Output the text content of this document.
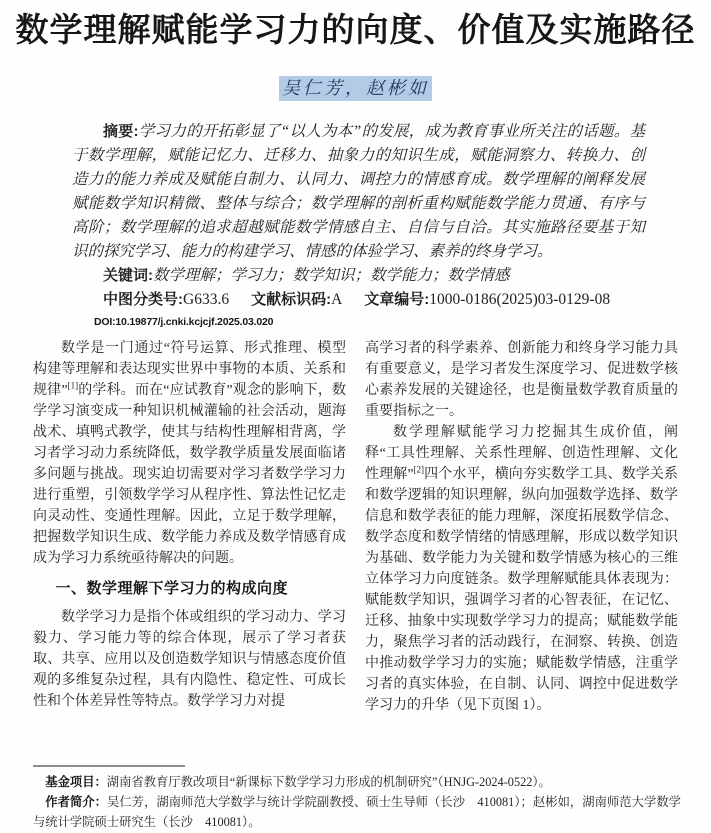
数学理解赋能学习力的向度、价值及实施路径
吴仁芳，赵彬如

摘要:学习力的开拓彰显了“以人为本”的发展，成为教育事业所关注的话题。基于数学理解，赋能记忆力、迁移力、抽象力的知识生成，赋能洞察力、转换力、创造力的能力养成及赋能自制力、认同力、调控力的情感育成。数学理解的阐释发展赋能数学知识精微、整体与综合；数学理解的剖析重构赋能数学能力贯通、有序与高阶；数学理解的追求超越赋能数学情感自主、自信与自洽。其实施路径要基于知识的探究学习、能力的构建学习、情感的体验学习、素养的终身学习。

关键词:数学理解；学习力；数学知识；数学能力；数学情感

中图分类号:G633.6 文献标识码:A 文章编号:1000-0186(2025)03-0129-08

DOI:10.19877/j.cnki.kcjcjf.2025.03.020

数学是一门通过“符号运算、形式推理、模型构建等理解和表达现实世界中事物的本质、关系和规律”[1]的学科。而在“应试教育”观念的影响下，数学学习演变成一种知识机械灌输的社会活动，题海战术、填鸭式教学，使其与结构性理解相背离，学习者学习动力系统降低，数学教学质量发展面临诸多问题与挑战。现实迫切需要对学习者数学学习力进行重塑，引领数学学习从程序性、算法性记忆走向灵动性、变通性理解。因此，立足于数学理解，把握数学知识生成、数学能力养成及数学情感育成成为学习力系统亟待解决的问题。

一、数学理解下学习力的构成向度

数学学习力是指个体或组织的学习动力、学习毅力、学习能力等的综合体现，展示了学习者获取、共享、应用以及创造数学知识与情感态度价值观的多维复杂过程，具有内隐性、稳定性、可成长性和个体差异性等特点。数学学习力对提

高学习者的科学素养、创新能力和终身学习能力具有重要意义，是学习者发生深度学习、促进数学核心素养发展的关键途径，也是衡量数学教育质量的重要指标之一。

数学理解赋能学习力挖掘其生成价值，阐释“工具性理解、关系性理解、创造性理解、文化性理解”[2]四个水平，横向夯实数学工具、数学关系和数学逻辑的知识理解，纵向加强数学选择、数学信息和数学表征的能力理解，深度拓展数学信念、数学态度和数学情绪的情感理解，形成以数学知识为基础、数学能力为关键和数学情感为核心的三维立体学习力向度链条。数学理解赋能具体表现为：赋能数学知识，强调学习者的心智表征，在记忆、迁移、抽象中实现数学学习力的提高；赋能数学能力，聚焦学习者的活动践行，在洞察、转换、创造中推动数学学习力的实施；赋能数学情感，注重学习者的真实体验，在自制、认同、调控中促进数学学习力的升华（见下页图 1）。

基金项目：湖南省教育厅教改项目“新课标下数学学习力形成的机制研究”（HNJG-2024-0522）。

作者简介：吴仁芳，湖南师范大学数学与统计学院副教授、硕士生导师（长沙　410081）；赵彬如，湖南师范大学数学与统计学院硕士研究生（长沙　410081）。
